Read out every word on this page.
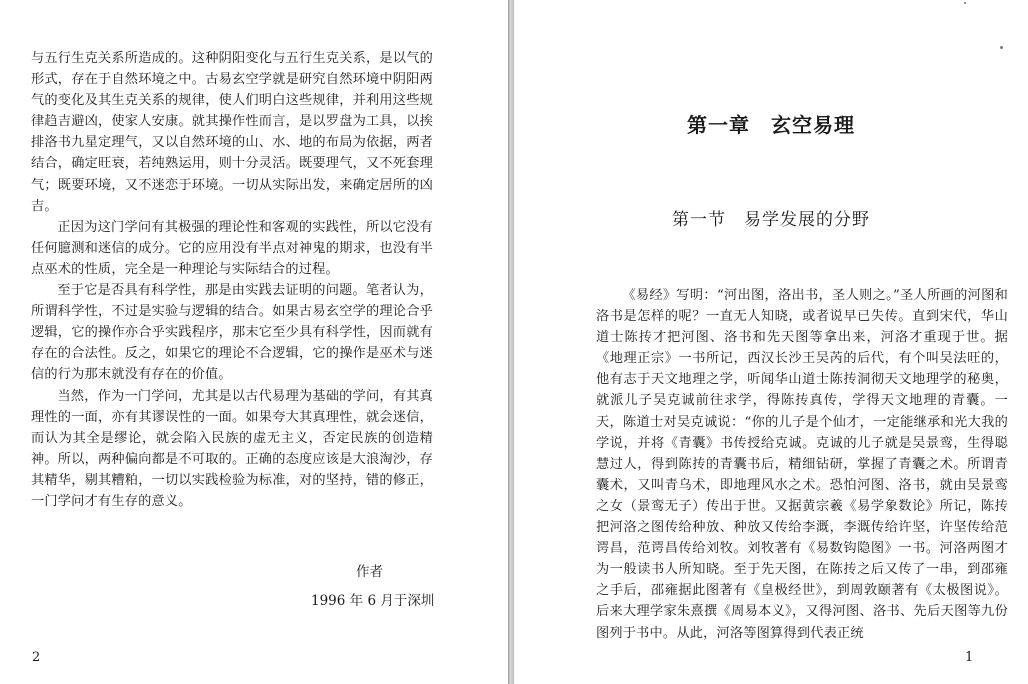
与五行生克关系所造成的。这种阴阳变化与五行生克关系，是以气的形式，存在于自然环境之中。古易玄空学就是研究自然环境中阴阳两气的变化及其生克关系的规律，使人们明白这些规律，并利用这些规律趋吉避凶，使家人安康。就其操作性而言，是以罗盘为工具，以挨排洛书九星定理气，又以自然环境的山、水、地的布局为依据，两者结合，确定旺衰，若纯熟运用，则十分灵活。既要理气，又不死套理气；既要环境，又不迷恋于环境。一切从实际出发，来确定居所的凶吉。

正因为这门学问有其极强的理论性和客观的实践性，所以它没有任何臆测和迷信的成分。它的应用没有半点对神鬼的期求，也没有半点巫术的性质，完全是一种理论与实际结合的过程。

至于它是否具有科学性，那是由实践去证明的问题。笔者认为，所谓科学性，不过是实验与逻辑的结合。如果古易玄空学的理论合乎逻辑，它的操作亦合乎实践程序，那末它至少具有科学性，因而就有存在的合法性。反之，如果它的理论不合逻辑，它的操作是巫术与迷信的行为那末就没有存在的价值。

当然，作为一门学问，尤其是以古代易理为基础的学问，有其真理性的一面，亦有其谬误性的一面。如果夸大其真理性，就会迷信，而认为其全是缪论，就会陷入民族的虚无主义，否定民族的创造精神。所以，两种偏向都是不可取的。正确的态度应该是大浪淘沙，存其精华，剔其糟粕，一切以实践检验为标准，对的坚持，错的修正，一门学问才有生存的意义。

作者
1996 年 6 月于深圳
2
第一章　玄空易理
第一节　易学发展的分野

《易经》写明：“河出图，洛出书，圣人则之。”圣人所画的河图和洛书是怎样的呢？一直无人知晓，或者说早已失传。直到宋代，华山道士陈抟才把河图、洛书和先天图等拿出来，河洛才重现于世。据《地理正宗》一书所记，西汉长沙王吴芮的后代，有个叫吴法旺的，他有志于天文地理之学，听闻华山道士陈抟洞彻天文地理学的秘奥，就派儿子吴克诚前往求学，得陈抟真传，学得天文地理的青囊。一天，陈道士对吴克诚说：“你的儿子是个仙才，一定能继承和光大我的学说，并将《青囊》书传授给克诚。克诚的儿子就是吴景鸾，生得聪慧过人，得到陈抟的青囊书后，精细钻研，掌握了青囊之术。所谓青囊术，又叫青乌术，即地理风水之术。恐怕河图、洛书，就由吴景鸾之女（景鸾无子）传出于世。又据黄宗羲《易学象数论》所记，陈抟把河洛之图传给种放、种放又传给李溉，李溉传给许坚，许坚传给范谔昌，范谔昌传给刘牧。刘牧著有《易数钩隐图》一书。河洛两图才为一般读书人所知晓。至于先天图，在陈抟之后又传了一串，到邵雍之手后，邵雍据此图著有《皇极经世》，到周敦颐著有《太极图说》。后来大理学家朱熹撰《周易本义》，又得河图、洛书、先后天图等九份图列于书中。从此，河洛等图算得到代表正统

1
